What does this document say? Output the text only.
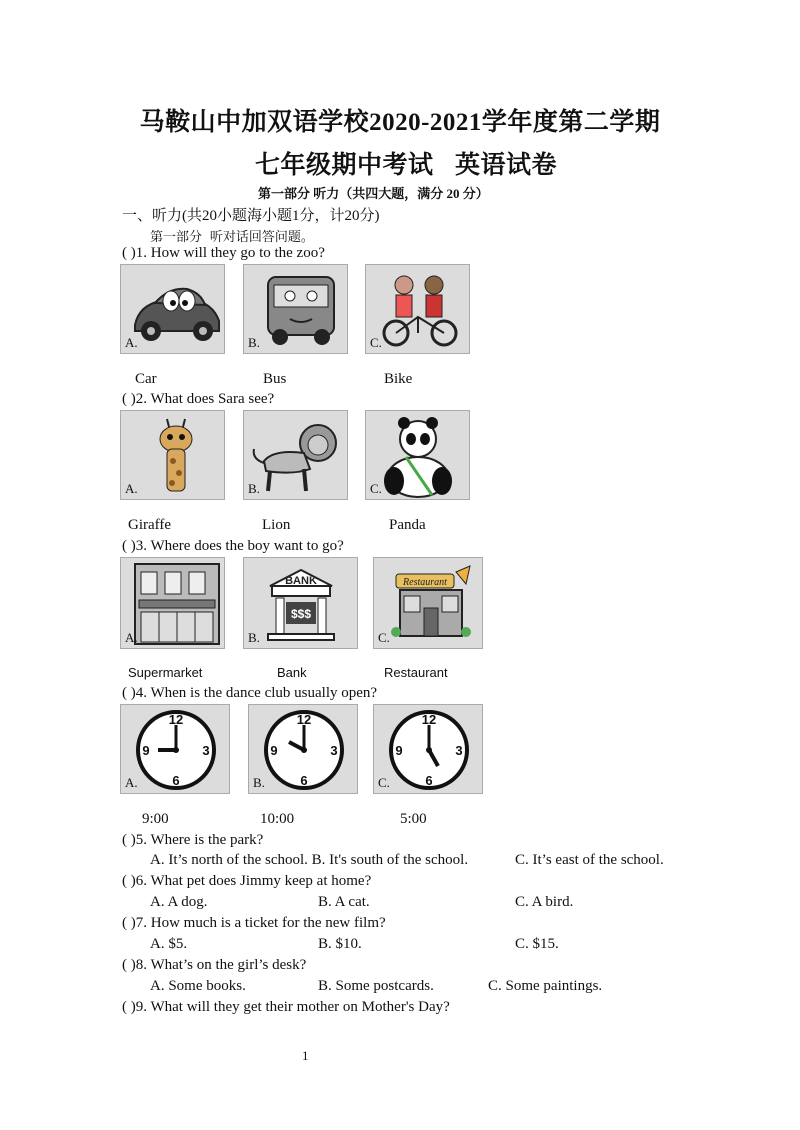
马鞍山中加双语学校2020-2021学年度第二学期
七年级期中考试 英语试卷
第一部分 听力（共四大题，满分 20 分）
一、听力(共20小题海小题1分，计20分)
第一部分 听对话回答问题。
( )1. How will they go to the zoo?
A.	B.	C.
Car	Bus	Bike
( )2. What does Sara see?
A.	B.	C.
Giraffe	Lion	Panda
( )3. Where does the boy want to go?
A.
BANK
$$$
B.
Restaurant
C.
Supermarket	Bank	Restaurant
( )4. When is the dance club usually open?
12
3
6
9
A.
12
3
6
9
B.
12
3
6
9
C.
9:00	10:00	5:00
( )5. Where is the park?
A. It’s north of the school. B. It's south of the school.	C. It’s east of the school.
( )6. What pet does Jimmy keep at home?
A. A dog.	B. A cat.	C. A bird.
( )7. How much is a ticket for the new film?
A. $5.	B. $10.	C. $15.
( )8. What’s on the girl’s desk?
A. Some books.	B. Some postcards.	C. Some paintings.
( )9. What will they get their mother on Mother's Day?
1
